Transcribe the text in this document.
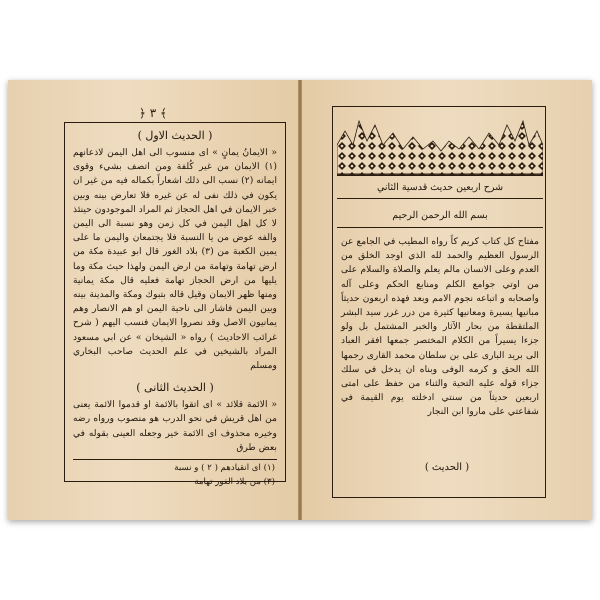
﴿ ٣ ﴾
( الحديث الاول )

« الايمانُ يمانٍ » اى منسوب الى اهل اليمن لاذعانهم (١) الايمان من غير كُلفة ومن اتصف بشيء وقوى ايمانه (٢) نسب الى ذلك اشعاراً بكماله فيه من غير ان يكون في ذلك نفى له عن غيره فلا تعارض بينه وبين خبر الايمان في اهل الحجاز ثم المراد الموجودون حينئذ لا كل اهل اليمن في كل زمن وهو نسبة الى اليمن والفه عوض من يا النسبة فلا يجتمعان واليمن ما على يمين الكعبة من (٣) بلاد الغور قال ابو عبيدة مكة من ارض تهامة وتهامة من ارض اليمن ولهذا حيث مكة وما يليها من ارض الحجاز تهامة فعليه قال مكة يمانية ومنها ظهر الايمان وقيل قاله بتبوك ومكة والمدينة بينه وبين اليمن فاشار الى ناحية اليمن او هم الانصار وهم يمانيون الاصل وقد نصروا الايمان فنسب اليهم ( شرح غرائب الاحاديث ) رواه « الشيخان » عن ابي مسعود المراد بالشيخين في علم الحديث صاحب البخاري ومسلم

( الحديث الثانى )

« الائمة قلائد » اى اتقوا بالائمة او قدموا الائمة يعنى من اهل قريش في نحو الدرب هو منصوب ورواه رضه وخيره محذوف اى الائمة خير وجعله العينى بقوله في بعض طرق

(١) اى انقيادهم ( ٢ ) و نسبة
(٣) من بلاد الغور تهامة
شرح اربعين حديث قدسية الثاني
بسم الله الرحمن الرحيم

مفتاح كل كتاب كريم كاً رواه المطيب في الجامع عن الرسول العظيم والحمد لله الذي اوجد الخلق من العدم وعلى الانسان مالم يعلم والصلاة والسلام على من اوتي جوامع الكلم ومنابع الحكم وعلى آله واصحابه و اتباعه نجوم الامم وبعد فهذه اربعون حديثاً مبانيها يسيرة ومعانيها كثيرة من درر غرر سيد البشر الملتقطة من بحار الآثار والخبر المشتمل بل ولو جزءا يسيراً من الكلام المختصر جمعها افقر العباد الى بريد البارى على بن سلطان محمد القارى رجمها الله الحق و كرمه الوفى وبناه ان يدخل في سلك جزاء قوله عليه التحية والثناء من حفظ على امتى اربعين حديثاً من سنتي ادخلته يوم القيمة في شفاعتي على ماروا ابن النجار

( الحديث )
